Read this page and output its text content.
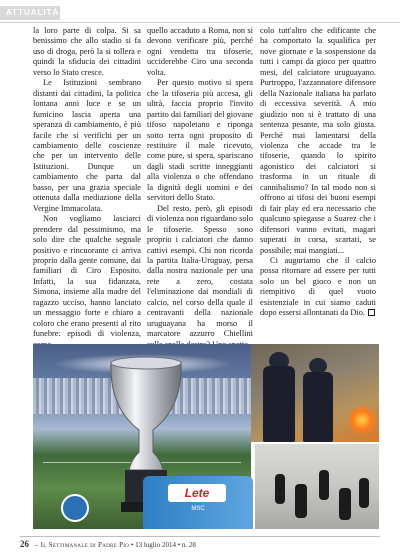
ATTUALITÀ

la loro parte di colpa. Si sa benissimo che allo stadio si fa uso di droga, però la si tollera e quindi la sfiducia dei cittadini verso lo Stato cresce.

Le Istituzioni sembrano distanti dai cittadini, la politica lontana anni luce e se un fumicino lascia aperta una speranza di cambiamento, è più facile che si verifichi per un cambiamento delle coscienze che per un intervento delle Istituzioni. Dunque un cambiamento che parta dal basso, per una grazia speciale ottenuta dalla mediazione della Vergine Immacolata.

Non vogliamo lasciarci prendere dal pessimismo, ma solo dire che qualche segnale positivo e rincuorante ci arriva proprio dalla gente comune, dai familiari di Ciro Esposito. Infatti, la sua fidanzata, Simona, insieme alla madre del ragazzo ucciso, hanno lanciato un messaggio forte e chiaro a coloro che erano presenti al rito funebre: episodi di violenza,

quello accaduto a Roma, non si devono verificare più, perché ogni vendetta tra tifoserie, ucciderebbe Ciro una seconda volta.

Per questo motivo si spera che la tifoseria più accesa, gli ultrà, faccia proprio l'invito partito dai familiari del giovane tifoso napoletano e riponga sotto terra ogni proposito di restituire il male ricevuto, come pure, si spera, spariscano dagli stadi scritte inneggianti alla violenza o che offendano la dignità degli uomini e dei servitori dello Stato.

Del resto, però, gli episodi di violenza non riguardano solo le tifoserie. Spesso sono proprio i calciatori che danno cattivi esempi. Chi non ricorda la partita Italia-Uruguay, persa dalla nostra nazionale per una rete a zero, costata l'eliminazione dai mondiali di calcio, nel corso della quale il centravanti della nazionale uruguayana ha morso il marcatore azzurro Chiellini

colo tutt'altro che edificante che ha comportato la squalifica per nove giornate e la sospensione da tutti i campi da gioco per quattro mesi, del calciatore uruguayano. Purtroppo, l'azzannatore difensore della Nazionale italiana ha parlato di eccessiva severità. A mio giudizio non si è trattato di una sentenza pesante, ma solo giusta. Perché mai lamentarsi della violenza che accade tra le tifoserie, quando lo spirito agonistico dei calciatori si trasforma in un rituale di cannibalismo? In tal modo non si offrono ai tifosi dei buoni esempi di fair play ed era necessario che qualcuno spiegasse a Suarez che i difensori vanno evitati, magari superati in corsa, scartati, se possibile; mai mangiati...

Ci auguriamo che il calcio possa ritornare ad essere per tutti solo un bel gioco e non un riempitivo di quel vuoto esistenziale in cui siamo caduti dopo essersi allontanati da Dio.

Lete
MSC
26 – Il Settimanale di Padre Pio • 13 luglio 2014 • n. 28
